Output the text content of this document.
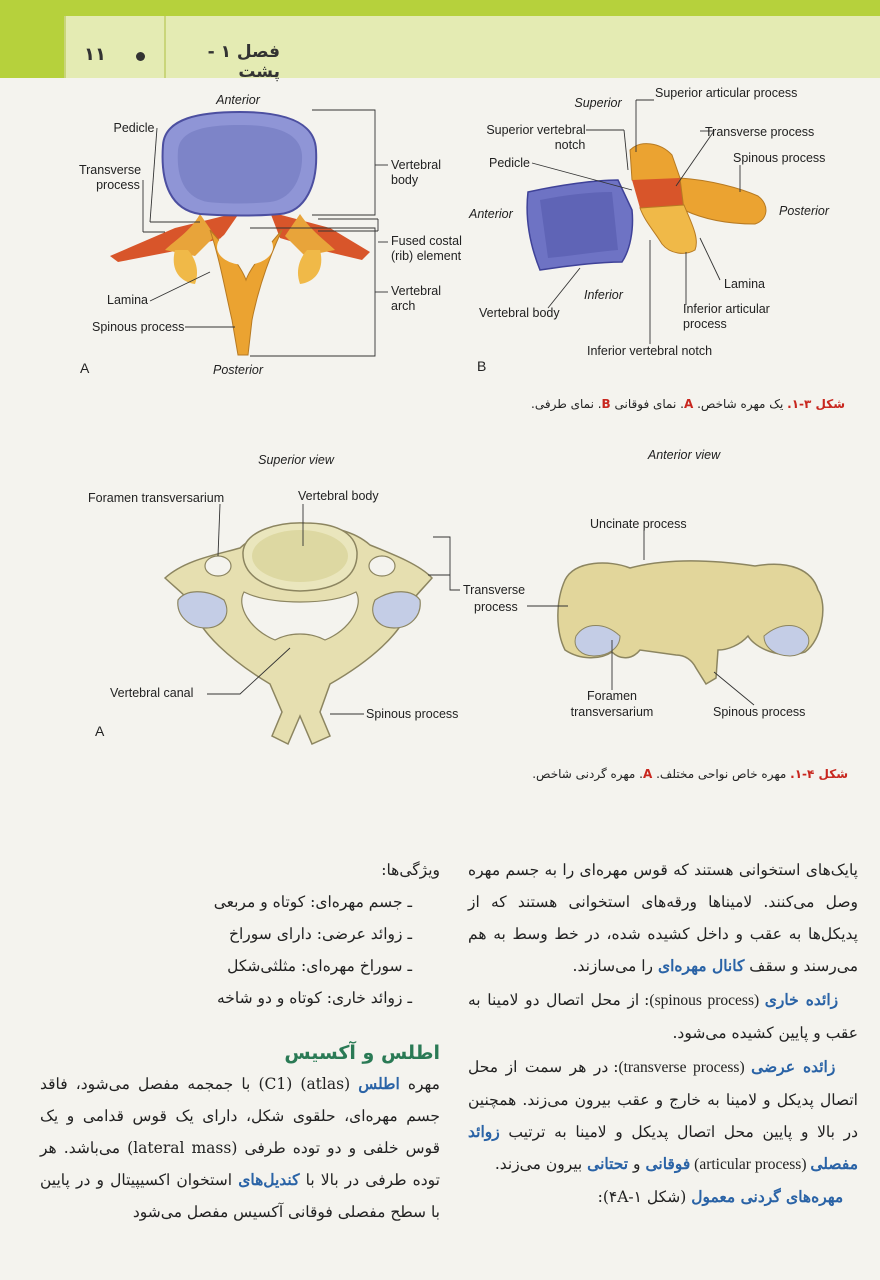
۱۱	فصل ۱ - پشت
Anterior
Pedicle
Transverse
process
Vertebral
body
Fused costal
(rib) element
Lamina
Vertebral
arch
Spinous process
Posterior
A
Superior
Superior articular process
Superior vertebral
notch
Transverse process
Pedicle	Spinous process
Anterior	Posterior
Lamina
Inferior
Inferior articular
process
Vertebral body
Inferior vertebral notch
B
Superior view
Foramen transversarium	Vertebral body
Transverse
process
Vertebral canal
Spinous process
A
Anterior view
Uncinate process
Foramen
transversarium	Spinous process
شکل ۳-۱. یک مهره شاخص. A. نمای فوقانی B. نمای طرفی.
شکل ۴-۱. مهره خاص نواحی مختلف. A. مهره گردنی شاخص.

پایک‌های استخوانی هستند که قوس مهره‌ای را به جسم مهره وصل می‌کنند. لامیناها ورقه‌های استخوانی هستند که از پدیکل‌ها به عقب و داخل کشیده شده، در خط وسط به هم می‌رسند و سقف کانال مهره‌ای را می‌سازند.

زائده خاری (spinous process): از محل اتصال دو لامینا به عقب و پایین کشیده می‌شود.

زائده عرضی (transverse process): در هر سمت از محل اتصال پدیکل و لامینا به خارج و عقب بیرون می‌زند. همچنین در بالا و پایین محل اتصال پدیکل و لامینا به ترتیب زوائد مفصلی (articular process) فوقانی و تحتانی بیرون می‌زند.

مهره‌های گردنی معمول (شکل ۴A-۱):

ویژگی‌ها:

ـ جسم مهره‌ای: کوتاه و مربعی

ـ زوائد عرضی: دارای سوراخ

ـ سوراخ مهره‌ای: مثلثی‌شکل

ـ زوائد خاری: کوتاه و دو شاخه

اطلس و آکسیس

مهره اطلس (atlas) (C1) با جمجمه مفصل می‌شود، فاقد جسم مهره‌ای، حلقوی شکل، دارای یک قوس قدامی و یک قوس خلفی و دو توده طرفی (lateral mass) می‌باشد. هر توده طرفی در بالا با کندیل‌های استخوان اکسیپیتال و در پایین با سطح مفصلی فوقانی آکسیس مفصل می‌شود
